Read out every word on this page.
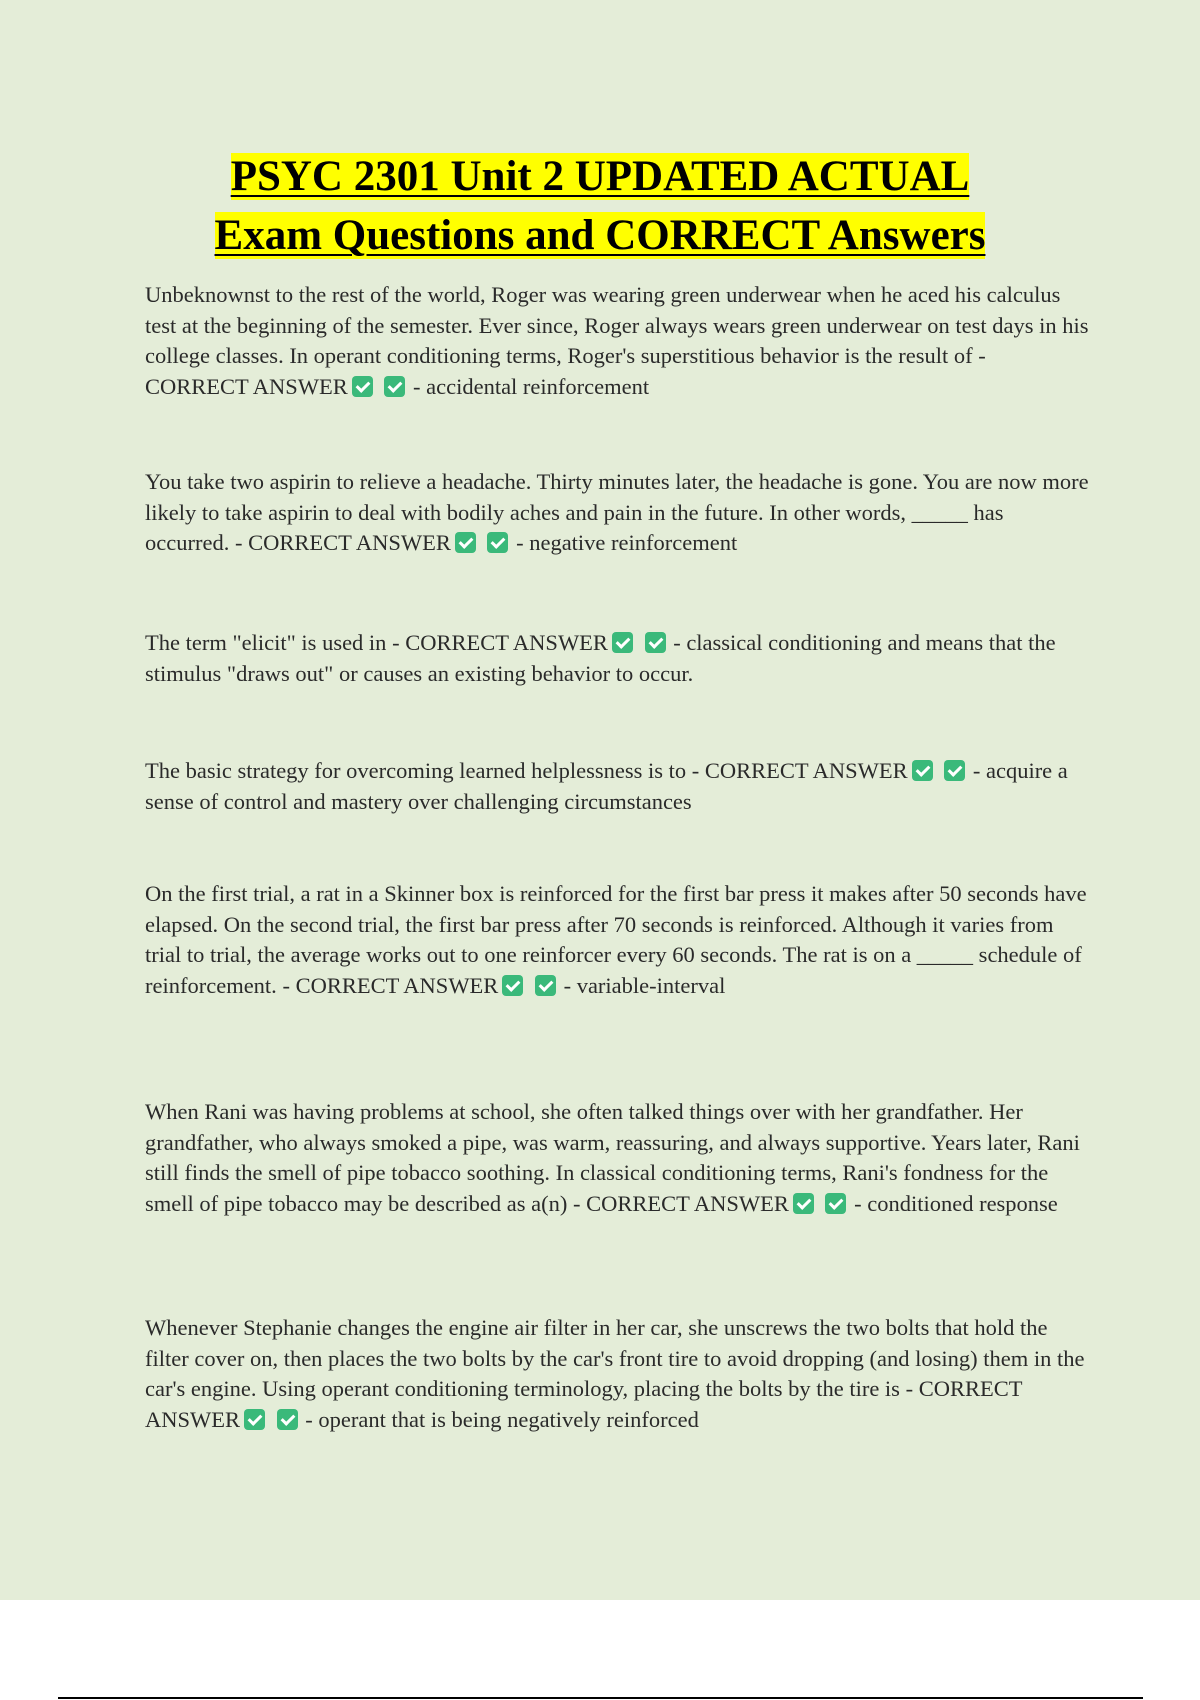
PSYC 2301 Unit 2 UPDATED ACTUAL
Exam Questions and CORRECT Answers
Unbeknownst to the rest of the world, Roger was wearing green underwear when he aced his calculus test at the beginning of the semester. Ever since, Roger always wears green underwear on test days in his college classes. In operant conditioning terms, Roger's superstitious behavior is the result of - CORRECT ANSWER	- accidental reinforcement
You take two aspirin to relieve a headache. Thirty minutes later, the headache is gone. You are now more likely to take aspirin to deal with bodily aches and pain in the future. In other words, _____ has occurred. - CORRECT ANSWER	- negative reinforcement
The term "elicit" is used in - CORRECT ANSWER	- classical conditioning and means that the stimulus "draws out" or causes an existing behavior to occur.
The basic strategy for overcoming learned helplessness is to - CORRECT ANSWER	- acquire a sense of control and mastery over challenging circumstances
On the first trial, a rat in a Skinner box is reinforced for the first bar press it makes after 50 seconds have elapsed. On the second trial, the first bar press after 70 seconds is reinforced. Although it varies from trial to trial, the average works out to one reinforcer every 60 seconds. The rat is on a _____ schedule of reinforcement. - CORRECT ANSWER	- variable-interval
When Rani was having problems at school, she often talked things over with her grandfather. Her grandfather, who always smoked a pipe, was warm, reassuring, and always supportive. Years later, Rani still finds the smell of pipe tobacco soothing. In classical conditioning terms, Rani's fondness for the smell of pipe tobacco may be described as a(n) - CORRECT ANSWER	- conditioned response
Whenever Stephanie changes the engine air filter in her car, she unscrews the two bolts that hold the filter cover on, then places the two bolts by the car's front tire to avoid dropping (and losing) them in the car's engine. Using operant conditioning terminology, placing the bolts by the tire is - CORRECT ANSWER	- operant that is being negatively reinforced
